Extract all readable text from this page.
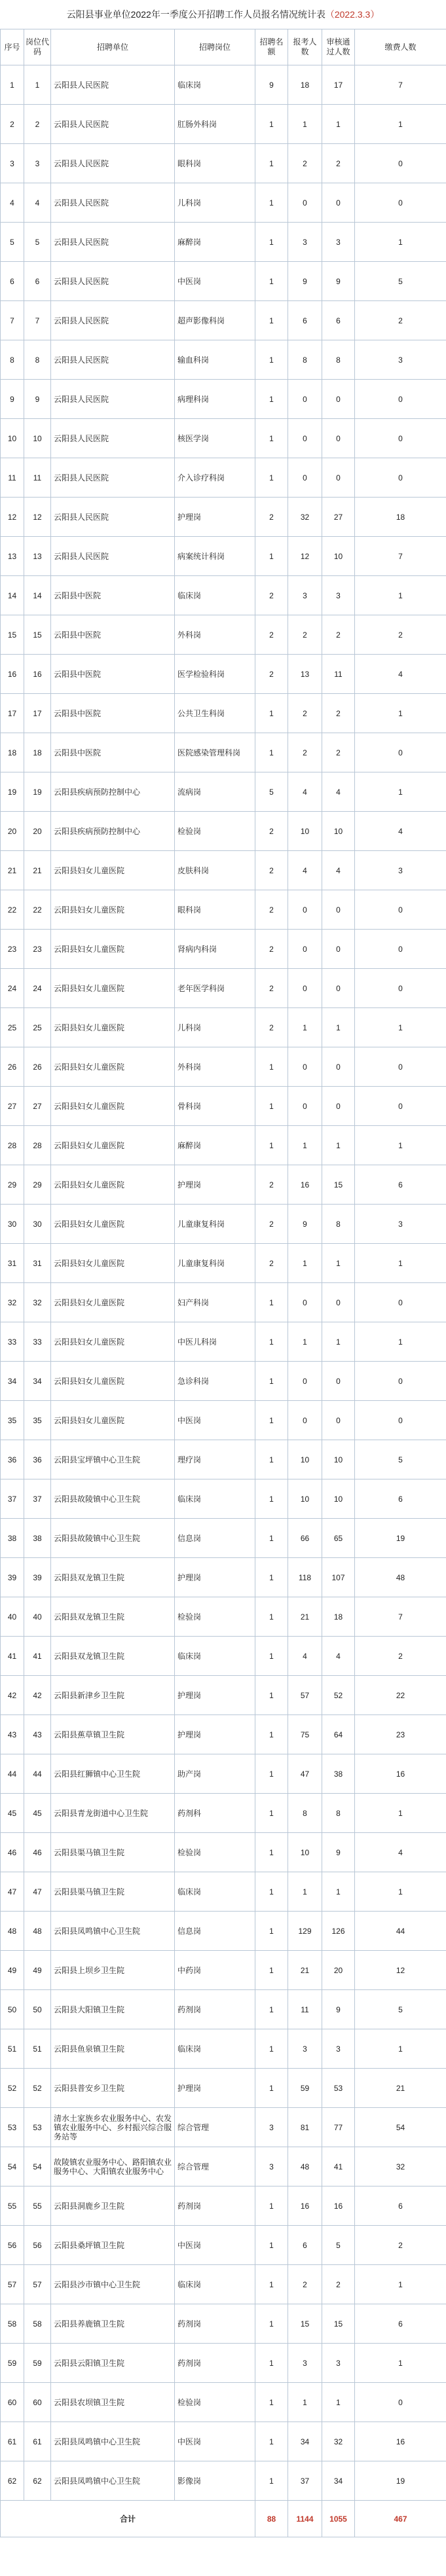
云阳县事业单位2022年一季度公开招聘工作人员报名情况统计表（2022.3.3）
序号	岗位代码	招聘单位	招聘岗位	招聘名额	报考人数	审核通过人数	缴费人数
1	1	云阳县人民医院	临床岗	9	18	17	7
2	2	云阳县人民医院	肛肠外科岗	1	1	1	1
3	3	云阳县人民医院	眼科岗	1	2	2	0
4	4	云阳县人民医院	儿科岗	1	0	0	0
5	5	云阳县人民医院	麻醉岗	1	3	3	1
6	6	云阳县人民医院	中医岗	1	9	9	5
7	7	云阳县人民医院	超声影像科岗	1	6	6	2
8	8	云阳县人民医院	输血科岗	1	8	8	3
9	9	云阳县人民医院	病理科岗	1	0	0	0
10	10	云阳县人民医院	核医学岗	1	0	0	0
11	11	云阳县人民医院	介入诊疗科岗	1	0	0	0
12	12	云阳县人民医院	护理岗	2	32	27	18
13	13	云阳县人民医院	病案统计科岗	1	12	10	7
14	14	云阳县中医院	临床岗	2	3	3	1
15	15	云阳县中医院	外科岗	2	2	2	2
16	16	云阳县中医院	医学检验科岗	2	13	11	4
17	17	云阳县中医院	公共卫生科岗	1	2	2	1
18	18	云阳县中医院	医院感染管理科岗	1	2	2	0
19	19	云阳县疾病预防控制中心	流病岗	5	4	4	1
20	20	云阳县疾病预防控制中心	检验岗	2	10	10	4
21	21	云阳县妇女儿童医院	皮肤科岗	2	4	4	3
22	22	云阳县妇女儿童医院	眼科岗	2	0	0	0
23	23	云阳县妇女儿童医院	肾病内科岗	2	0	0	0
24	24	云阳县妇女儿童医院	老年医学科岗	2	0	0	0
25	25	云阳县妇女儿童医院	儿科岗	2	1	1	1
26	26	云阳县妇女儿童医院	外科岗	1	0	0	0
27	27	云阳县妇女儿童医院	骨科岗	1	0	0	0
28	28	云阳县妇女儿童医院	麻醉岗	1	1	1	1
29	29	云阳县妇女儿童医院	护理岗	2	16	15	6
30	30	云阳县妇女儿童医院	儿童康复科岗	2	9	8	3
31	31	云阳县妇女儿童医院	儿童康复科岗	2	1	1	1
32	32	云阳县妇女儿童医院	妇产科岗	1	0	0	0
33	33	云阳县妇女儿童医院	中医儿科岗	1	1	1	1
34	34	云阳县妇女儿童医院	急诊科岗	1	0	0	0
35	35	云阳县妇女儿童医院	中医岗	1	0	0	0
36	36	云阳县宝坪镇中心卫生院	理疗岗	1	10	10	5
37	37	云阳县故陵镇中心卫生院	临床岗	1	10	10	6
38	38	云阳县故陵镇中心卫生院	信息岗	1	66	65	19
39	39	云阳县双龙镇卫生院	护理岗	1	118	107	48
40	40	云阳县双龙镇卫生院	检验岗	1	21	18	7
41	41	云阳县双龙镇卫生院	临床岗	1	4	4	2
42	42	云阳县新津乡卫生院	护理岗	1	57	52	22
43	43	云阳县蕉草镇卫生院	护理岗	1	75	64	23
44	44	云阳县红狮镇中心卫生院	助产岗	1	47	38	16
45	45	云阳县青龙街道中心卫生院	药剂科	1	8	8	1
46	46	云阳县渠马镇卫生院	检验岗	1	10	9	4
47	47	云阳县渠马镇卫生院	临床岗	1	1	1	1
48	48	云阳县凤鸣镇中心卫生院	信息岗	1	129	126	44
49	49	云阳县上坝乡卫生院	中药岗	1	21	20	12
50	50	云阳县大阳镇卫生院	药剂岗	1	11	9	5
51	51	云阳县鱼泉镇卫生院	临床岗	1	3	3	1
52	52	云阳县普安乡卫生院	护理岗	1	59	53	21
53	53	清水土家族乡农业服务中心、农发镇农业服务中心、乡村振兴综合服务站等	综合管理	3	81	77	54
54	54	故陵镇农业服务中心、路阳镇农业服务中心、大阳镇农业服务中心	综合管理	3	48	41	32
55	55	云阳县洞鹿乡卫生院	药剂岗	1	16	16	6
56	56	云阳县桑坪镇卫生院	中医岗	1	6	5	2
57	57	云阳县沙市镇中心卫生院	临床岗	1	2	2	1
58	58	云阳县养鹿镇卫生院	药剂岗	1	15	15	6
59	59	云阳县云阳镇卫生院	药剂岗	1	3	3	1
60	60	云阳县农坝镇卫生院	检验岗	1	1	1	0
61	61	云阳县凤鸣镇中心卫生院	中医岗	1	34	32	16
62	62	云阳县凤鸣镇中心卫生院	影像岗	1	37	34	19
合计				88	1144	1055	467
